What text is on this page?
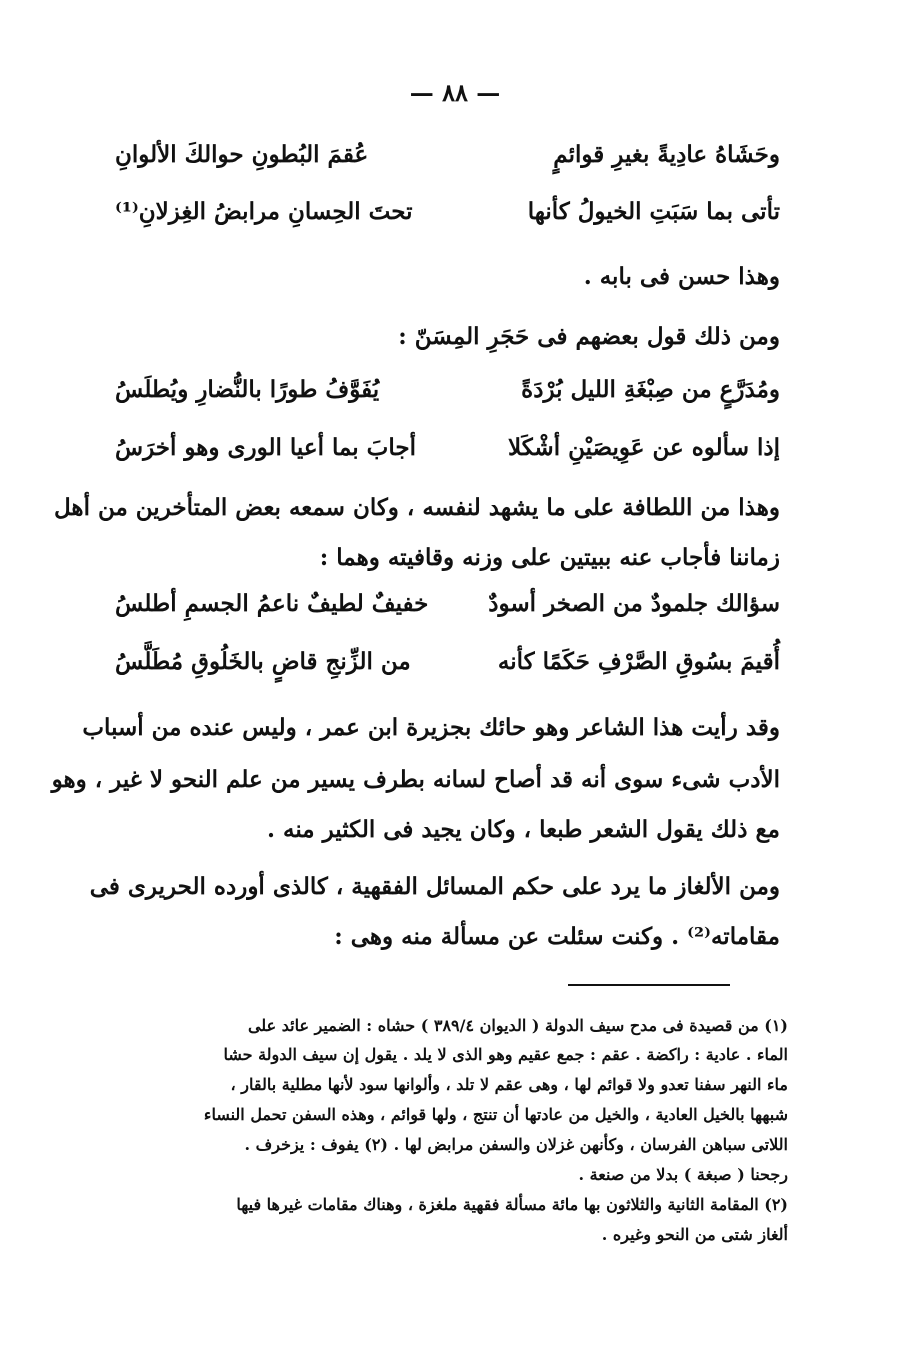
— ٨٨ —
وحَشَاهُ عادِيةً بغيرِ قوائمٍ
عُقمَ البُطونِ حوالكَ الألوانِ
تأتى بما سَبَتِ الخيولُ كأنها
تحتَ الحِسانِ مرابضُ الغِزلانِ⁽¹⁾
وهذا حسن فى بابه .
ومن ذلك قول بعضهم فى حَجَرِ المِسَنّ :
ومُدَرَّعٍ من صِبْغَةِ الليل بُرْدَةً
يُفَوَّفُ طورًا بالنُّضارِ ويُطلَسُ
إذا سألوه عن عَوِيصَيْنِ أشْكَلا
أجابَ بما أعيا الورى وهو أخرَسُ
وهذا من اللطافة على ما يشهد لنفسه ، وكان سمعه بعض المتأخرين من أهل
زماننا فأجاب عنه ببيتين على وزنه وقافيته وهما :
سؤالك جلمودٌ من الصخر أسودٌ
خفيفٌ لطيفٌ ناعمُ الجسمِ أطلسُ
أُقيمَ بسُوقِ الصَّرْفِ حَكَمًا كأنه
من الزِّنجِ قاضٍ بالخَلُوقِ مُطَلَّسُ
وقد رأيت هذا الشاعر وهو حائك بجزيرة ابن عمر ، وليس عنده من أسباب
الأدب شىء سوى أنه قد أصاح لسانه بطرف يسير من علم النحو لا غير ، وهو
مع ذلك يقول الشعر طبعا ، وكان يجيد فى الكثير منه .
ومن الألغاز ما يرد على حكم المسائل الفقهية ، كالذى أورده الحريرى فى
مقاماته⁽²⁾ . وكنت سئلت عن مسألة منه وهى :
(١) من قصيدة فى مدح سيف الدولة ( الديوان ٣٨٩/٤ ) حشاه : الضمير عائد على
الماء . عادية : راكضة . عقم : جمع عقيم وهو الذى لا يلد . يقول إن سيف الدولة حشا
ماء النهر سفنا تعدو ولا قوائم لها ، وهى عقم لا تلد ، وألوانها سود لأنها مطلية بالقار ،
شبهها بالخيل العادية ، والخيل من عادتها أن تنتج ، ولها قوائم ، وهذه السفن تحمل النساء
اللاتى سباهن الفرسان ، وكأنهن غزلان والسفن مرابض لها . (٢) يفوف : يزخرف .
رجحنا ( صبغة ) بدلا من صنعة .
(٢) المقامة الثانية والثلاثون بها مائة مسألة فقهية ملغزة ، وهناك مقامات غيرها فيها
ألغاز شتى من النحو وغيره .
